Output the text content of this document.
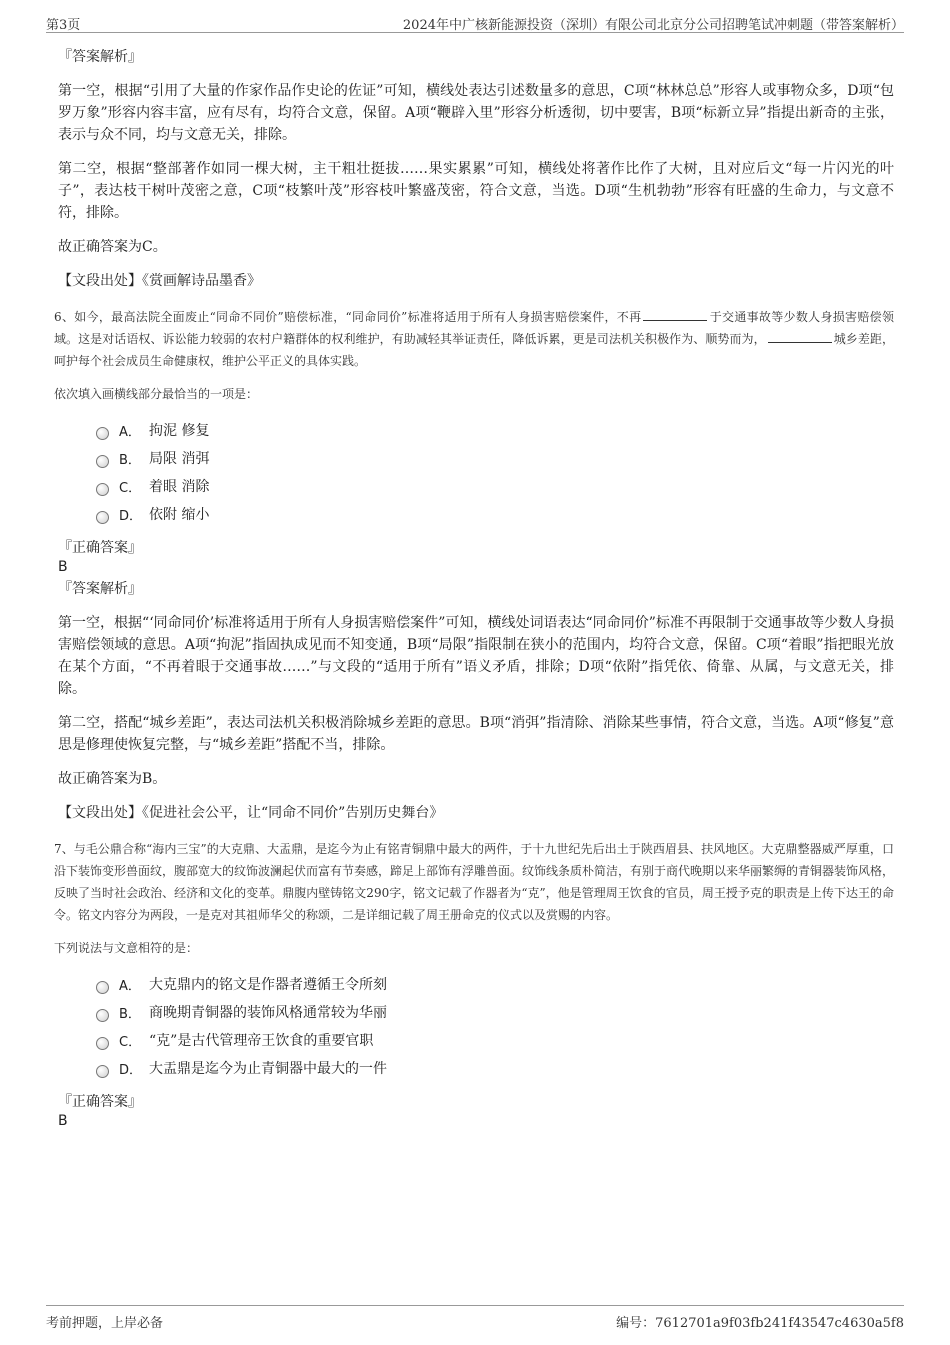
第3页	2024年中广核新能源投资（深圳）有限公司北京分公司招聘笔试冲刺题（带答案解析）
『答案解析』

第一空，根据“引用了大量的作家作品作史论的佐证”可知，横线处表达引述数量多的意思，C项“林林总总”形容人或事物众多，D项“包罗万象”形容内容丰富，应有尽有，均符合文意，保留。A项“鞭辟入里”形容分析透彻，切中要害，B项“标新立异”指提出新奇的主张，表示与众不同，均与文意无关，排除。

第二空，根据“整部著作如同一棵大树，主干粗壮挺拔……果实累累”可知，横线处将著作比作了大树，且对应后文“每一片闪光的叶子”，表达枝干树叶茂密之意，C项“枝繁叶茂”形容枝叶繁盛茂密，符合文意，当选。D项“生机勃勃”形容有旺盛的生命力，与文意不符，排除。

故正确答案为C。

【文段出处】《赏画解诗品墨香》

6、如今，最高法院全面废止“同命不同价”赔偿标准，“同命同价”标准将适用于所有人身损害赔偿案件，不再	于交通事故等少数人身损害赔偿领域。这是对话语权、诉讼能力较弱的农村户籍群体的权利维护，有助减轻其举证责任，降低诉累，更是司法机关积极作为、顺势而为，	城乡差距，呵护每个社会成员生命健康权，维护公平正义的具体实践。

依次填入画横线部分最恰当的一项是：

A． 拘泥 修复
B． 局限 消弭
C． 着眼 消除
D． 依附 缩小
『正确答案』
B
『答案解析』

第一空，根据“‘同命同价’标准将适用于所有人身损害赔偿案件”可知，横线处词语表达“同命同价”标准不再限制于交通事故等少数人身损害赔偿领域的意思。A项“拘泥”指固执成见而不知变通，B项“局限”指限制在狭小的范围内，均符合文意，保留。C项“着眼”指把眼光放在某个方面，“不再着眼于交通事故……”与文段的“适用于所有”语义矛盾，排除；D项“依附”指凭依、倚靠、从属，与文意无关，排除。

第二空，搭配“城乡差距”，表达司法机关积极消除城乡差距的意思。B项“消弭”指清除、消除某些事情，符合文意，当选。A项“修复”意思是修理使恢复完整，与“城乡差距”搭配不当，排除。

故正确答案为B。

【文段出处】《促进社会公平，让“同命不同价”告别历史舞台》

7、与毛公鼎合称“海内三宝”的大克鼎、大盂鼎，是迄今为止有铭青铜鼎中最大的两件，于十九世纪先后出土于陕西眉县、扶风地区。大克鼎整器威严厚重，口沿下装饰变形兽面纹，腹部宽大的纹饰波澜起伏而富有节奏感，蹄足上部饰有浮雕兽面。纹饰线条质朴简洁，有别于商代晚期以来华丽繁缛的青铜器装饰风格，反映了当时社会政治、经济和文化的变革。鼎腹内壁铸铭文290字，铭文记载了作器者为“克”，他是管理周王饮食的官员，周王授予克的职责是上传下达王的命令。铭文内容分为两段，一是克对其祖师华父的称颂，二是详细记载了周王册命克的仪式以及赏赐的内容。

下列说法与文意相符的是：

A． 大克鼎内的铭文是作器者遵循王令所刻
B． 商晚期青铜器的装饰风格通常较为华丽
C． “克”是古代管理帝王饮食的重要官职
D． 大盂鼎是迄今为止青铜器中最大的一件
『正确答案』
B
考前押题，上岸必备	编号：7612701a9f03fb241f43547c4630a5f8
